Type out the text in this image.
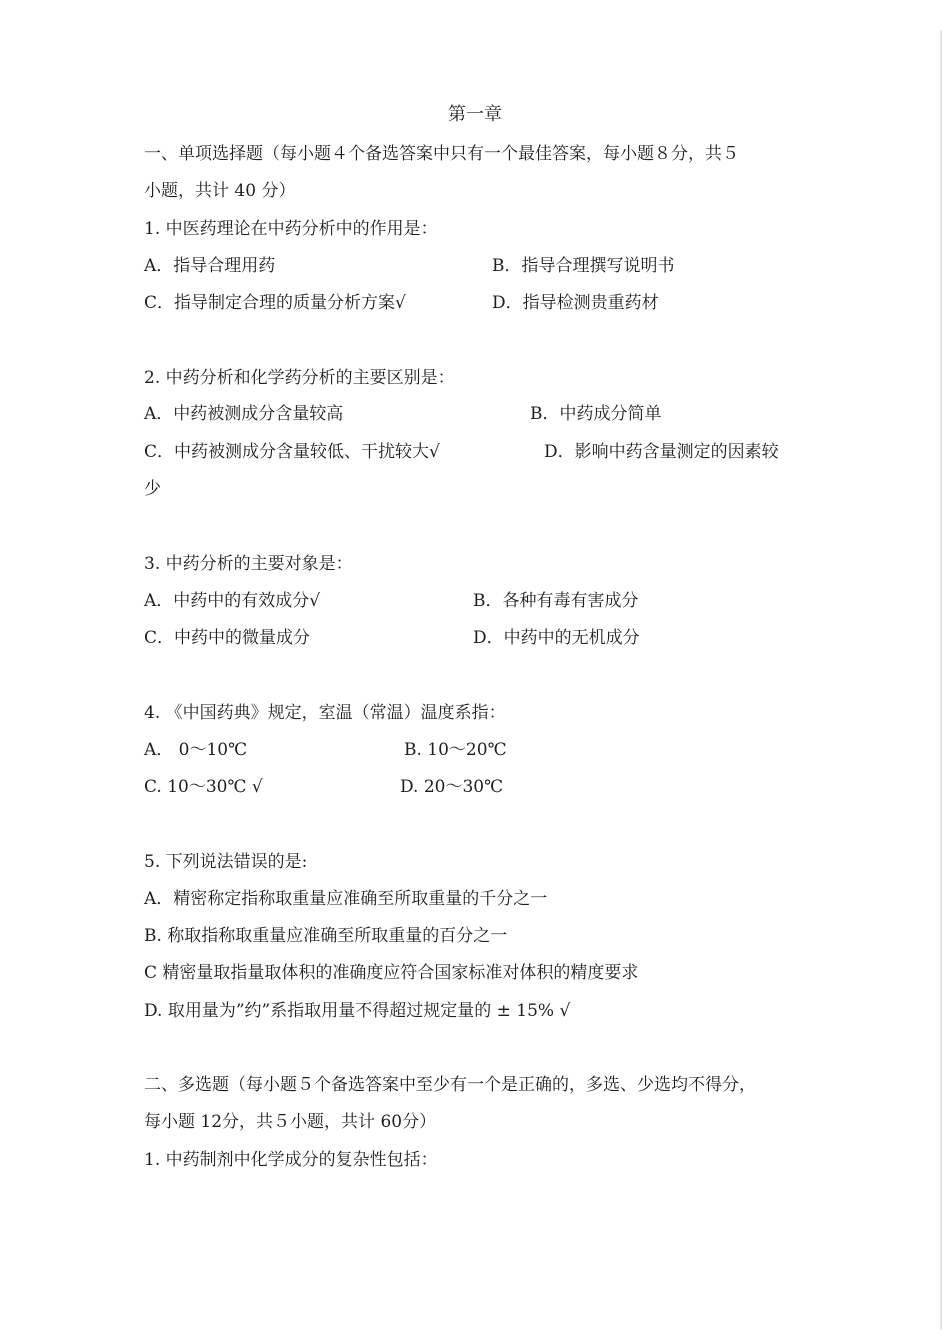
第一章
一、单项选择题（每小题４个备选答案中只有一个最佳答案，每小题８分，共５
小题，共计 40 分）
1. 中医药理论在中药分析中的作用是：
A．指导合理用药	B．指导合理撰写说明书
C．指导制定合理的质量分析方案√	D．指导检测贵重药材
2. 中药分析和化学药分析的主要区别是：
A．中药被测成分含量较高	B．中药成分简单
C．中药被测成分含量较低、干扰较大√	D．影响中药含量测定的因素较
少
3. 中药分析的主要对象是：
A．中药中的有效成分√	B．各种有毒有害成分
C．中药中的微量成分	D．中药中的无机成分
4. 《中国药典》规定，室温（常温）温度系指：
A． 0～10℃	B. 10～20℃
C. 10～30℃ √	D. 20～30℃
5. 下列说法错误的是:
A．精密称定指称取重量应准确至所取重量的千分之一
B. 称取指称取重量应准确至所取重量的百分之一
C 精密量取指量取体积的准确度应符合国家标准对体积的精度要求
D. 取用量为”约”系指取用量不得超过规定量的 ± 15% √
二、多选题（每小题５个备选答案中至少有一个是正确的，多选、少选均不得分，
每小题 12分，共５小题，共计 60分）
1. 中药制剂中化学成分的复杂性包括：
